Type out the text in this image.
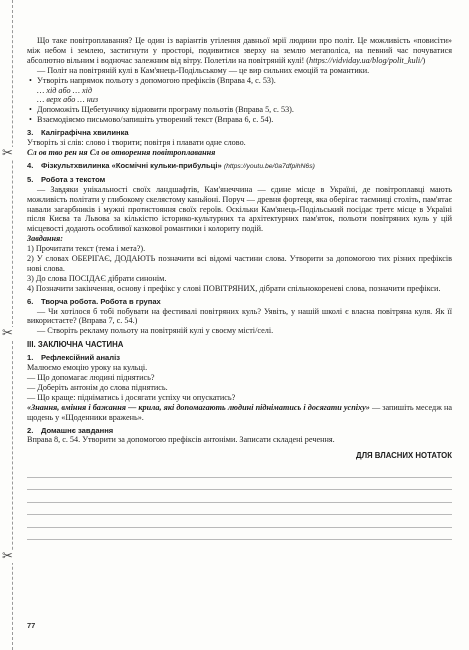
✂
✂
✂

Що таке повітроплавання? Це один із варіантів утілення давньої мрії людини про політ. Це можливість «повисіти» між небом і землею, застигнути у просторі, подивитися зверху на землю мегаполіса, на певний час почуватися абсолютно вільним і водночас залежним від вітру. Полетіли на повітряній кулі! (https://vidviday.ua/blog/polit_kuli/)

— Політ на повітряній кулі в Кам'янець-Подільському — це вир сильних емоцій та романтики.

• Утворіть напрямок польоту з допомогою префіксів (Вправа 4, с. 53).

… хід або … хід

… верх або … низ

• Допоможіть Щебетунчику відновити програму польотів (Вправа 5, с. 53).

• Взаємодіяємо письмово/запишіть утворений текст (Вправа 6, с. 54).

3. Каліграфічна хвилинка

Утворіть зі слів: слово і творити; повітря і плавати одне слово.

Сл ов тво рен ня Сл ов отворення повітроплавання

4. Фізкультхвилинка «Космічні кульки-прибульці» (https://youtu.be/0a7dfpihN6s)
5. Робота з текстом

— Завдяки унікальності своїх ландшафтів, Кам'янеччина — єдине місце в Україні, де повітроплавці мають можливість політати у глибокому скелястому каньйоні. Поруч — древня фортеця, яка оберігає таємниці століть, пам'ятає навали загарбників і мужні протистояння своїх героїв. Оскільки Кам'янець-Подільський посідає третє місце в Україні після Києва та Львова за кількістю історико-культурних та архітектурних пам'яток, польоти повітряних куль у цій місцевості додають особливої казкової романтики і колориту подій.

Завдання:

1) Прочитати текст (тема і мета?).

2) У словах ОБЕРІГАЄ, ДОДАЮТЬ позначити всі відомі частини слова. Утворити за допомогою тих різних префіксів нові слова.

3) До слова ПОСІДАЄ дібрати синонім.

4) Позначити закінчення, основу і префікс у слові ПОВІТРЯНИХ, дібрати спільнокореневі слова, позначити префікси.

6. Творча робота. Робота в групах

— Чи хотілося б тобі побувати на фестивалі повітряних куль? Уявіть, у нашій школі є власна повітряна куля. Як її використаєте? (Вправа 7, с. 54.)

— Створіть рекламу польоту на повітряній кулі у своєму місті/селі.

ІІІ. ЗАКЛЮЧНА ЧАСТИНА
1. Рефлексійний аналіз

Малюємо емоцію уроку на кульці.

— Що допомагає людині піднятись?

— Доберіть антонім до слова піднятись.

— Що краще: підніматись і досягати успіху чи опускатись?

«Знання, вміння і бажання — крила, які допомагають людині підніматись і досягати успіху» — запишіть меседж на щодень у «Щоденники вражень».

2. Домашнє завдання

Вправа 8, с. 54. Утворити за допомогою префіксів антоніми. Записати складені речення.

ДЛЯ ВЛАСНИХ НОТАТОК
77
